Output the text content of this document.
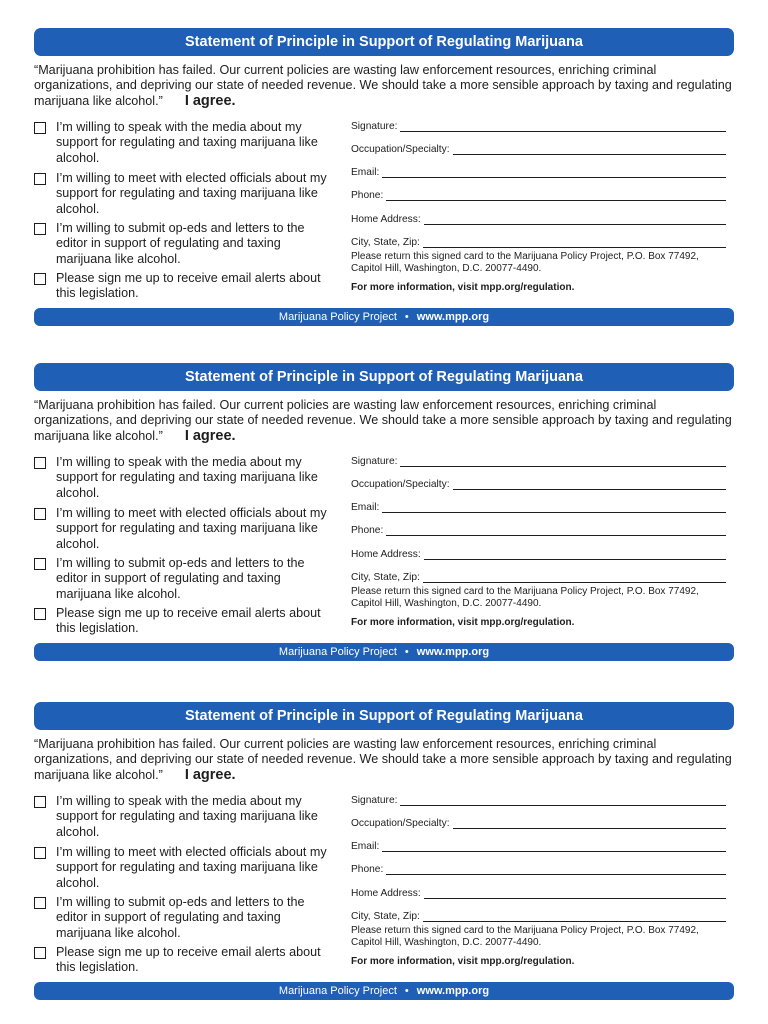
Statement of Principle in Support of Regulating Marijuana

“Marijuana prohibition has failed. Our current policies are wasting law enforcement resources, enriching criminal organizations, and depriving our state of needed revenue. We should take a more sensible approach by taxing and regulating marijuana like alcohol.” I agree.

I’m willing to speak with the media about my support for regulating and taxing marijuana like alcohol.
I’m willing to meet with elected officials about my support for regulating and taxing marijuana like alcohol.
I’m willing to submit op-eds and letters to the editor in support of regulating and taxing marijuana like alcohol.
Please sign me up to receive email alerts about this legislation.
Signature:
Occupation/Specialty:
Email:
Phone:
Home Address:
City, State, Zip:

Please return this signed card to the Marijuana Policy Project, P.O. Box 77492, Capitol Hill, Washington, D.C. 20077-4490.

For more information, visit mpp.org/regulation.

Marijuana Policy Project • www.mpp.org
Statement of Principle in Support of Regulating Marijuana

“Marijuana prohibition has failed. Our current policies are wasting law enforcement resources, enriching criminal organizations, and depriving our state of needed revenue. We should take a more sensible approach by taxing and regulating marijuana like alcohol.” I agree.

I’m willing to speak with the media about my support for regulating and taxing marijuana like alcohol.
I’m willing to meet with elected officials about my support for regulating and taxing marijuana like alcohol.
I’m willing to submit op-eds and letters to the editor in support of regulating and taxing marijuana like alcohol.
Please sign me up to receive email alerts about this legislation.
Signature:
Occupation/Specialty:
Email:
Phone:
Home Address:
City, State, Zip:

Please return this signed card to the Marijuana Policy Project, P.O. Box 77492, Capitol Hill, Washington, D.C. 20077-4490.

For more information, visit mpp.org/regulation.

Marijuana Policy Project • www.mpp.org
Statement of Principle in Support of Regulating Marijuana

“Marijuana prohibition has failed. Our current policies are wasting law enforcement resources, enriching criminal organizations, and depriving our state of needed revenue. We should take a more sensible approach by taxing and regulating marijuana like alcohol.” I agree.

I’m willing to speak with the media about my support for regulating and taxing marijuana like alcohol.
I’m willing to meet with elected officials about my support for regulating and taxing marijuana like alcohol.
I’m willing to submit op-eds and letters to the editor in support of regulating and taxing marijuana like alcohol.
Please sign me up to receive email alerts about this legislation.
Signature:
Occupation/Specialty:
Email:
Phone:
Home Address:
City, State, Zip:

Please return this signed card to the Marijuana Policy Project, P.O. Box 77492, Capitol Hill, Washington, D.C. 20077-4490.

For more information, visit mpp.org/regulation.

Marijuana Policy Project • www.mpp.org
